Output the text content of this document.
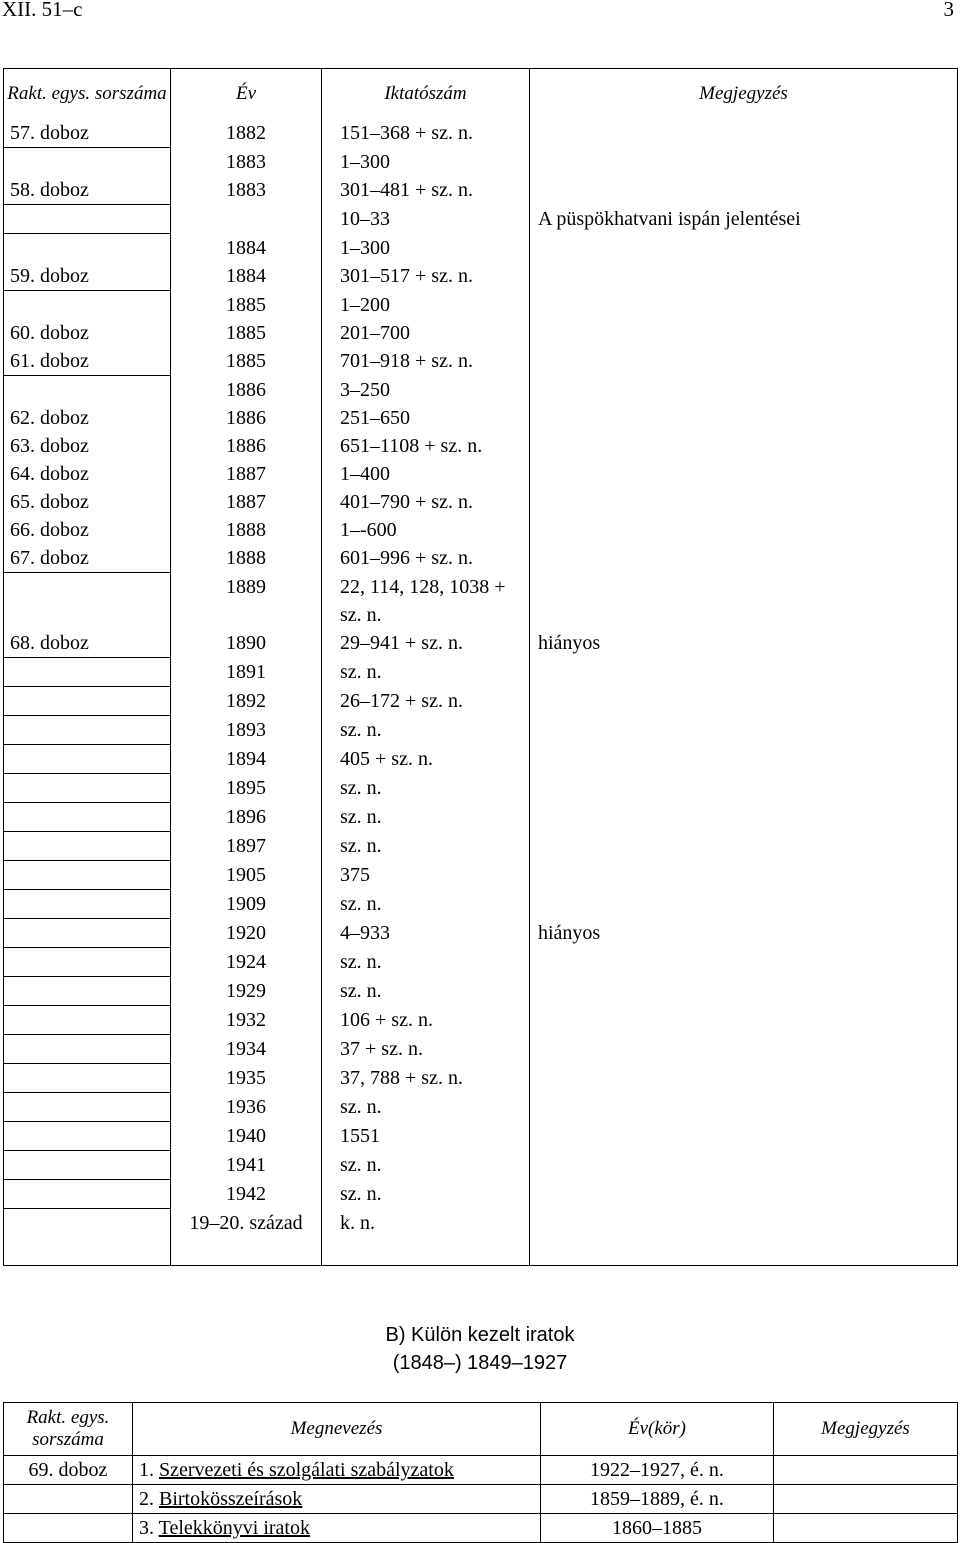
XII. 51–c	3
Rakt. egys. sorszáma	Év	Iktatószám	Megjegyzés
57. doboz	1882	151–368 + sz. n.	
	1883	1–300	
58. doboz	1883	301–481 + sz. n.	
		10–33	A püspökhatvani ispán jelentései
	1884	1–300	
59. doboz	1884	301–517 + sz. n.	
	1885	1–200	
60. doboz	1885	201–700	
61. doboz	1885	701–918 + sz. n.	
	1886	3–250	
62. doboz	1886	251–650	
63. doboz	1886	651–1108 + sz. n.	
64. doboz	1887	1–400	
65. doboz	1887	401–790 + sz. n.	
66. doboz	1888	1–-600	
67. doboz	1888	601–996 + sz. n.	
	1889	22, 114, 128, 1038 + sz. n.	
68. doboz	1890	29–941 + sz. n.	hiányos
	1891	sz. n.	
	1892	26–172 + sz. n.	
	1893	sz. n.	
	1894	405 + sz. n.	
	1895	sz. n.	
	1896	sz. n.	
	1897	sz. n.	
	1905	375	
	1909	sz. n.	
	1920	4–933	hiányos
	1924	sz. n.	
	1929	sz. n.	
	1932	106 + sz. n.	
	1934	37 + sz. n.	
	1935	37, 788 + sz. n.	
	1936	sz. n.	
	1940	1551	
	1941	sz. n.	
	1942	sz. n.	
	19–20. század	k. n.	
B) Külön kezelt iratok
(1848–) 1849–1927
Rakt. egys. sorszáma	Megnevezés	Év(kör)	Megjegyzés
69. doboz	1. Szervezeti és szolgálati szabályzatok	1922–1927, é. n.	
	2. Birtokösszeírások	1859–1889, é. n.	
	3. Telekkönyvi iratok	1860–1885	
